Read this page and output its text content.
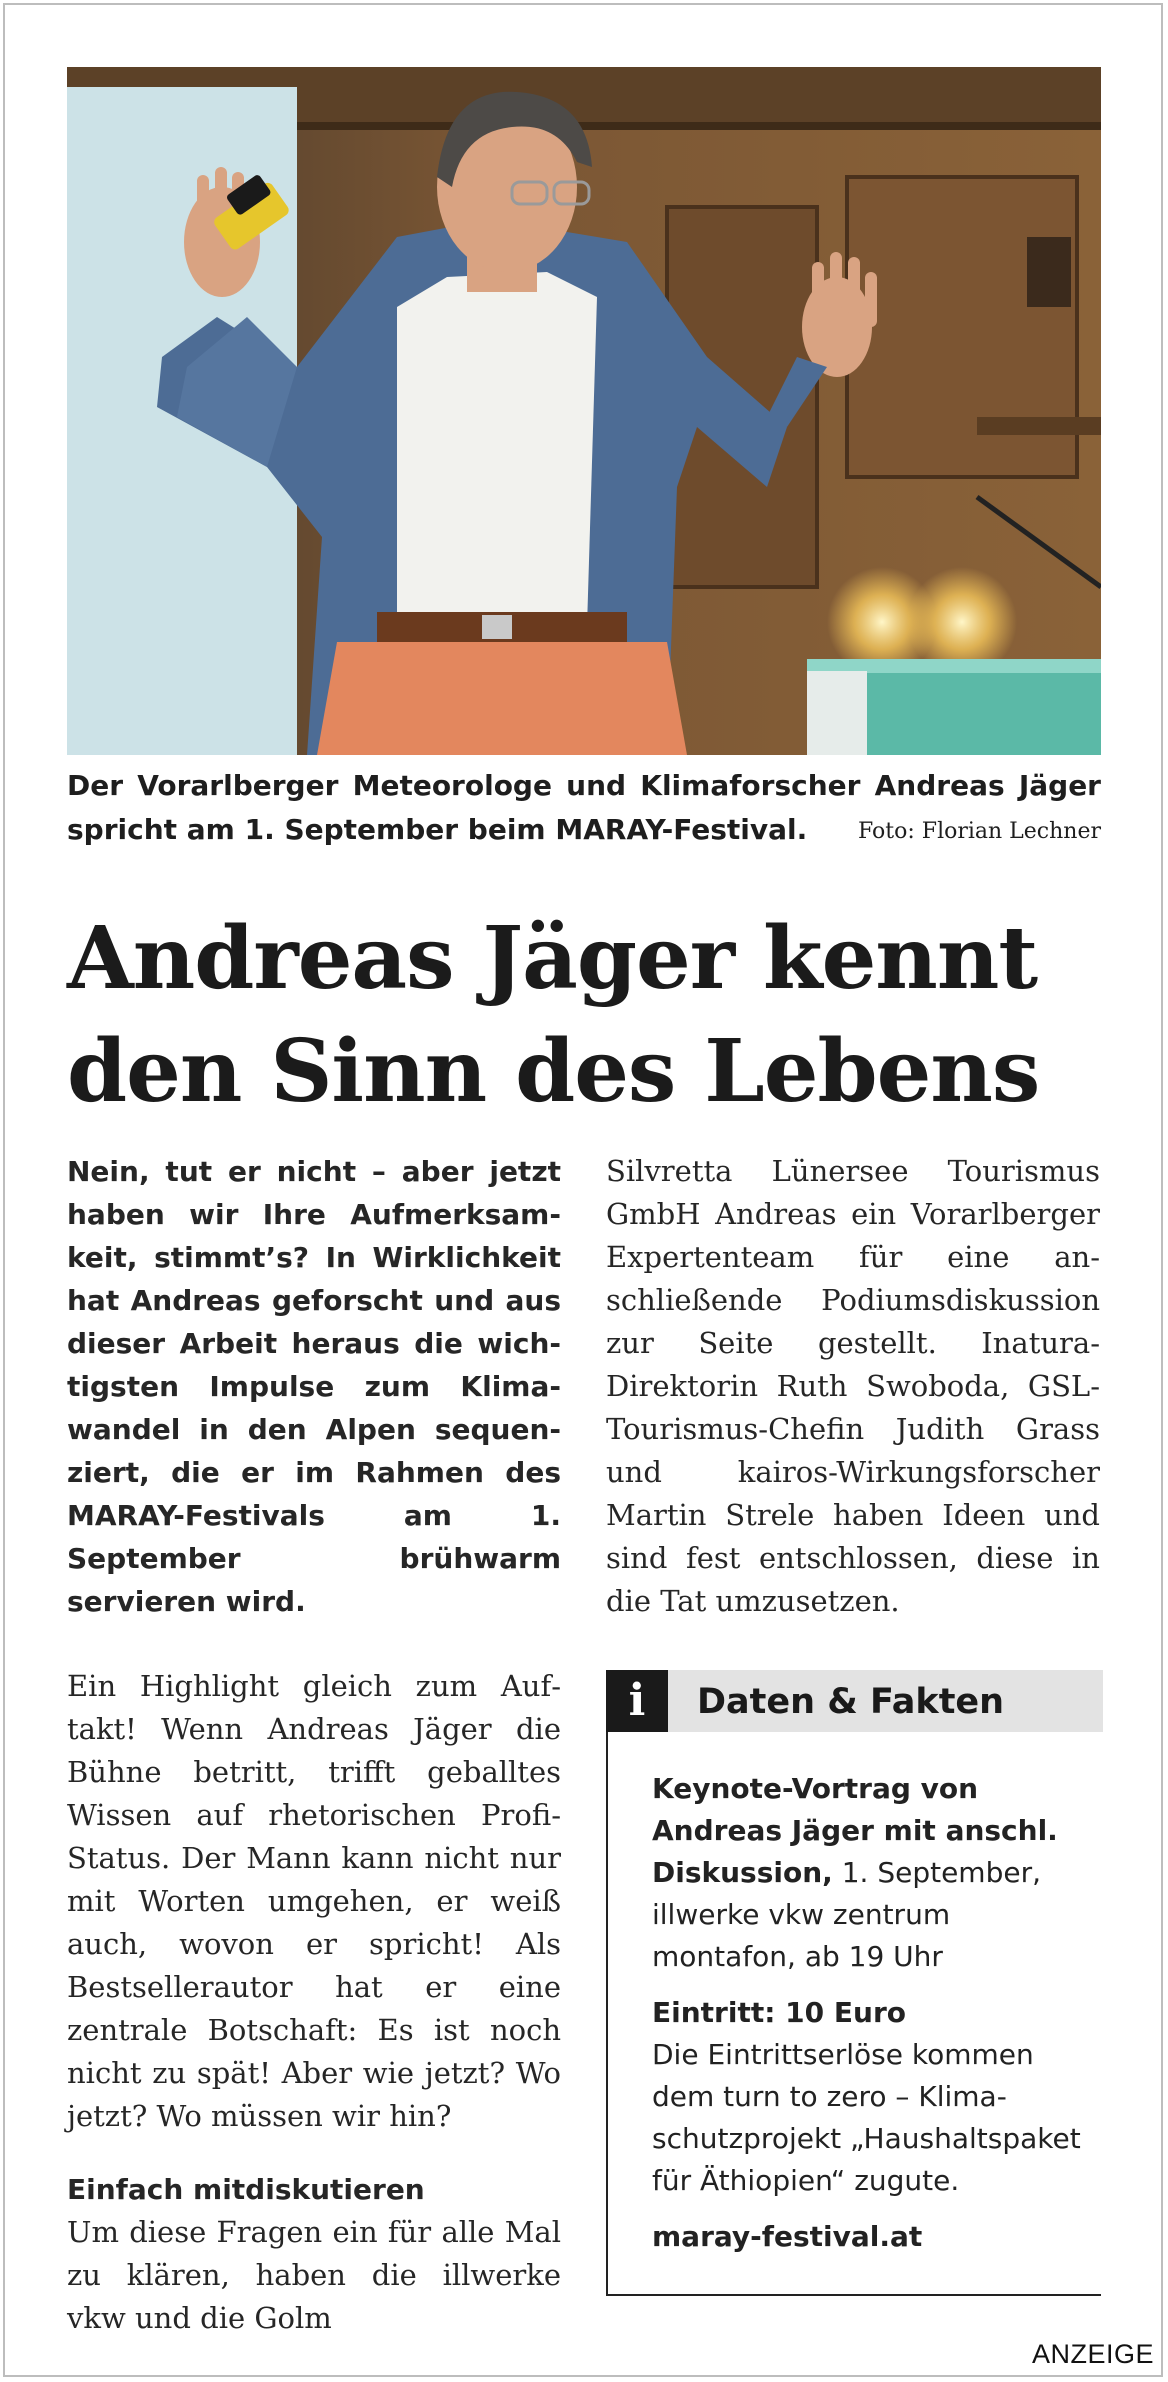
Der Vorarlberger Meteorologe und Klimaforscher Andreas Jäger spricht am 1. September beim MARAY-Festival. Foto: Florian Lechner
Andreas Jäger kennt
den Sinn des Lebens

Nein, tut er nicht – aber jetzt haben wir Ihre Aufmerksamkeit, stimmt’s? In Wirklichkeit hat Andreas geforscht und aus dieser Arbeit heraus die wichtigsten Impulse zum Klimawandel in den Alpen sequenziert, die er im Rahmen des MARAY-Festivals am 1. September brühwarm servieren wird.

Ein Highlight gleich zum Auftakt! Wenn Andreas Jäger die Bühne betritt, trifft geballtes Wissen auf rhetorischen Profi-Status. Der Mann kann nicht nur mit Worten umgehen, er weiß auch, wovon er spricht! Als Bestsellerautor hat er eine zentrale Botschaft: Es ist noch nicht zu spät! Aber wie jetzt? Wo jetzt? Wo müssen wir hin?

Einfach mitdiskutieren

Um diese Fragen ein für alle Mal zu klären, haben die illwerke vkw und die Golm

Silvretta Lünersee Tourismus GmbH Andreas ein Vorarlberger Expertenteam für eine anschließende Podiumsdiskussion zur Seite gestellt. Inatura-Direktorin Ruth Swoboda, GSL-Tourismus-Chefin Judith Grass und kairos-Wirkungsforscher Martin Strele haben Ideen und sind fest entschlossen, diese in die Tat umzusetzen.

i	Daten & Fakten

Keynote-Vortrag von Andreas Jäger mit anschl. Diskussion, 1. September, illwerke vkw zentrum montafon, ab 19 Uhr

Eintritt: 10 Euro
Die Eintrittserlöse kommen dem turn to zero – Klimaschutzprojekt „Haushaltspaket für Äthiopien“ zugute.

maray-festival.at

ANZEIGE
